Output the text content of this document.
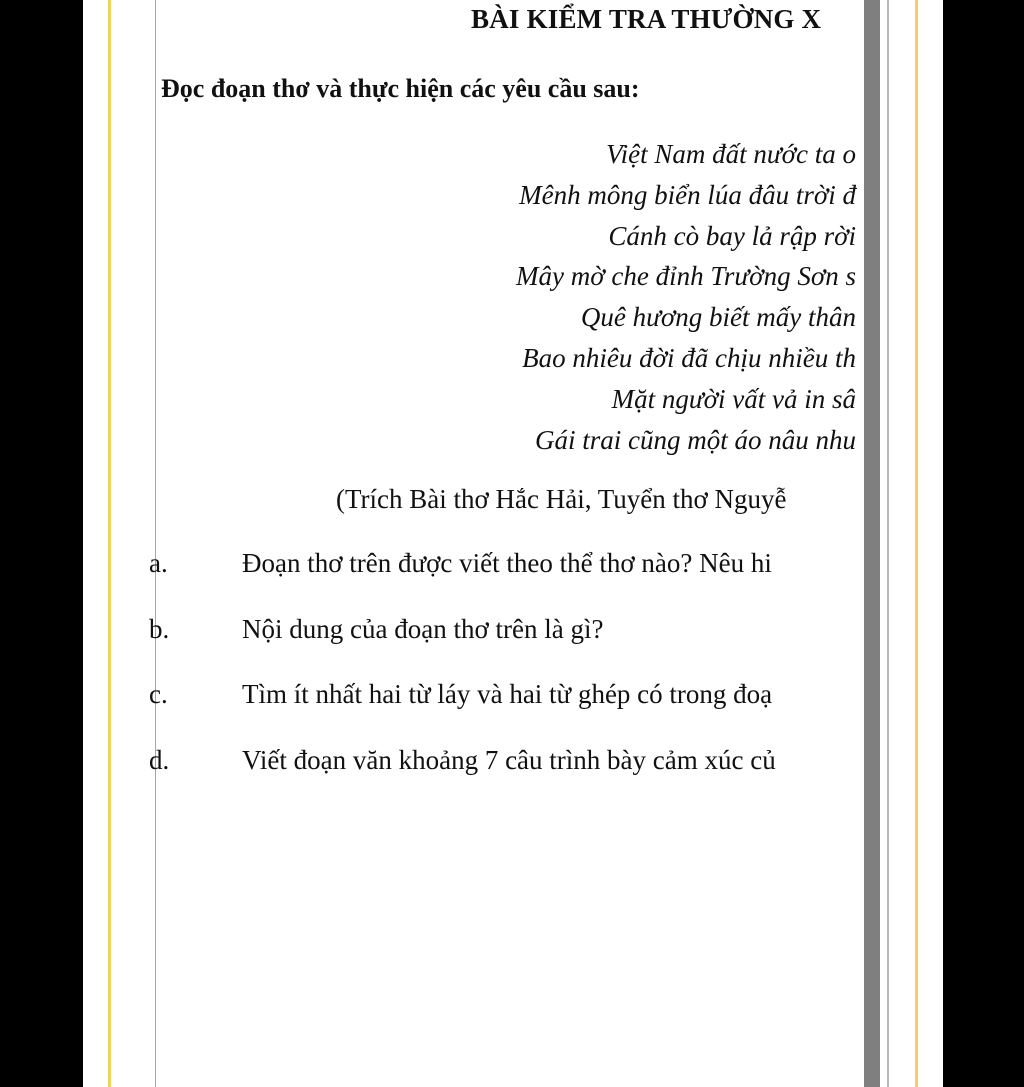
BÀI KIỂM TRA THƯỜNG X
Đọc đoạn thơ và thực hiện các yêu cầu sau:
Việt Nam đất nước ta o
Mênh mông biển lúa đâu trời đ
Cánh cò bay lả rập rời
Mây mờ che đỉnh Trường Sơn s
Quê hương biết mấy thân
Bao nhiêu đời đã chịu nhiều th
Mặt người vất vả in sâ
Gái trai cũng một áo nâu nhu
(Trích Bài thơ Hắc Hải, Tuyển thơ Nguyễ
a.	Đoạn thơ trên được viết theo thể thơ nào? Nêu hi
b.	Nội dung của đoạn thơ trên là gì?
c.	Tìm ít nhất hai từ láy và hai từ ghép có trong đoạ
d.	Viết đoạn văn khoảng 7 câu trình bày cảm xúc củ
